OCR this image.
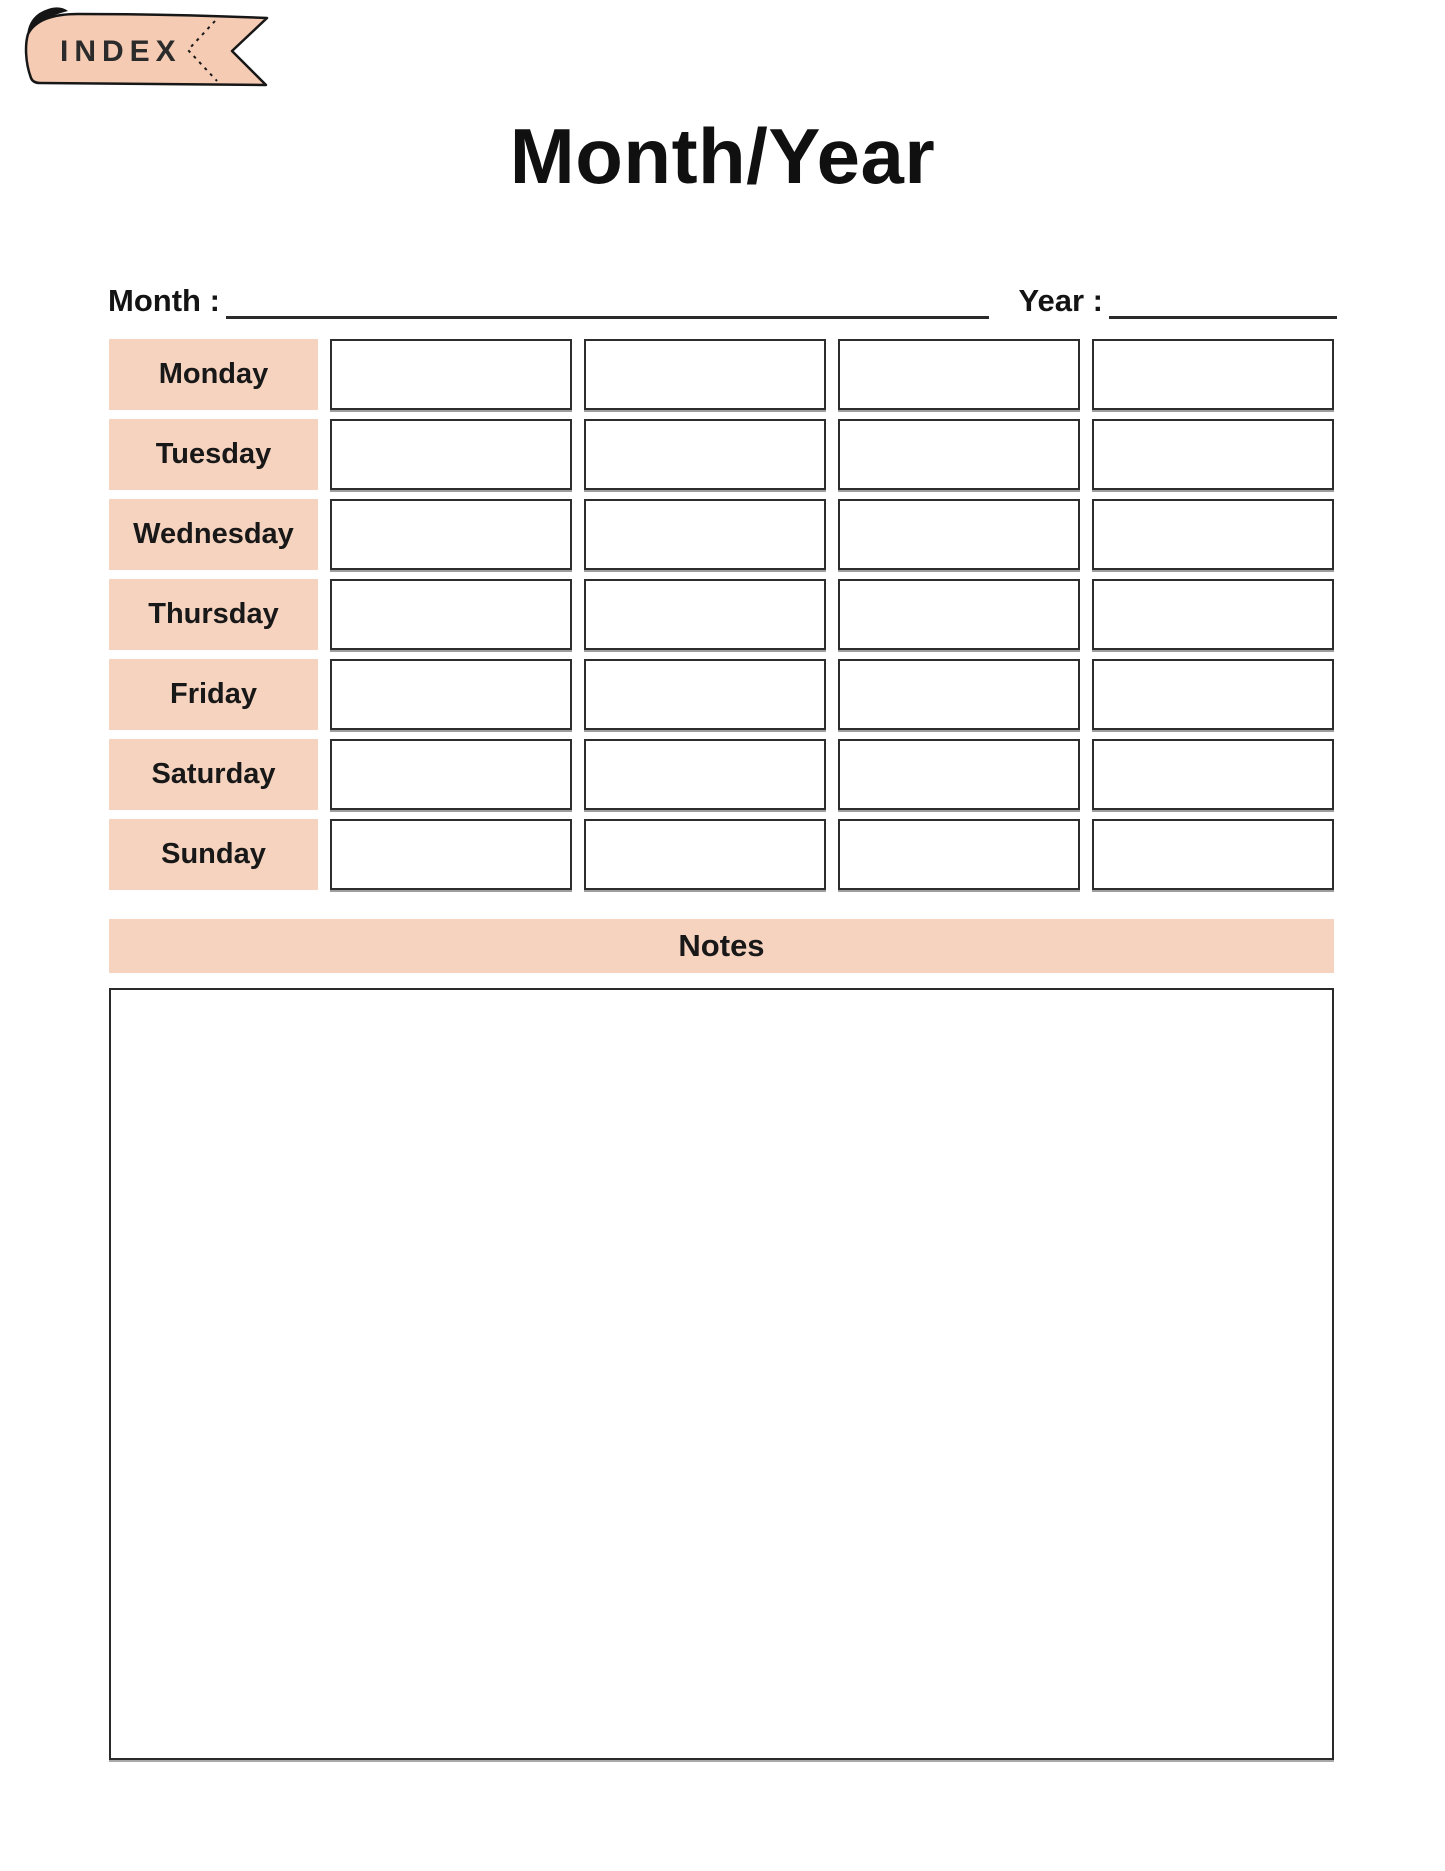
INDEX
Month/Year
Month :	Year :
Monday
Tuesday
Wednesday
Thursday
Friday
Saturday
Sunday
Notes
